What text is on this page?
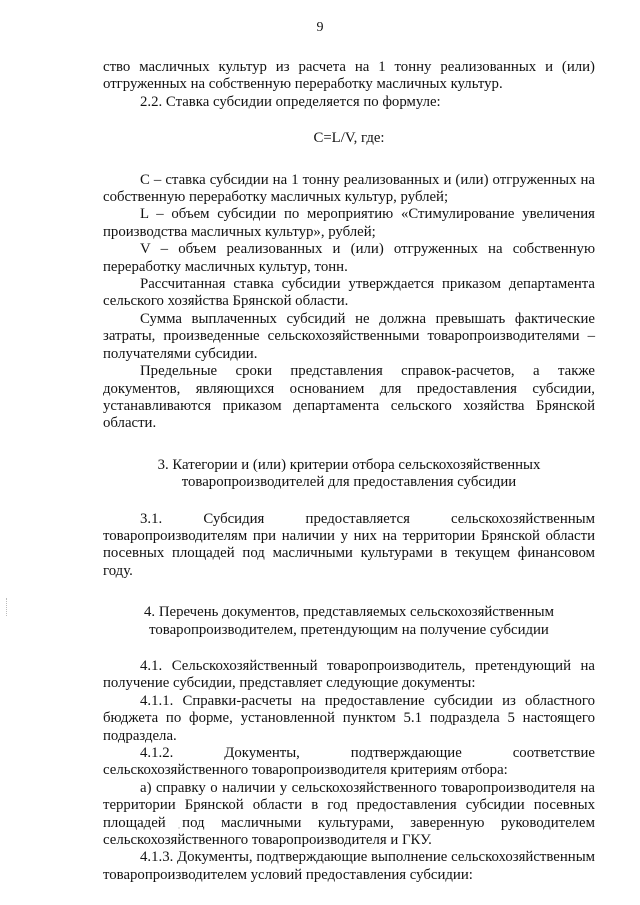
9

ство масличных культур из расчета на 1 тонну реализованных и (или) отгруженных на собственную переработку масличных культур.

2.2. Ставка субсидии определяется по формуле:

C=L/V, где:

С – ставка субсидии на 1 тонну реализованных и (или) отгруженных на собственную переработку масличных культур, рублей;

L – объем субсидии по мероприятию «Стимулирование увеличения производства масличных культур», рублей;

V – объем реализованных и (или) отгруженных на собственную переработку масличных культур, тонн.

Рассчитанная ставка субсидии утверждается приказом департамента сельского хозяйства Брянской области.

Сумма выплаченных субсидий не должна превышать фактические затраты, произведенные сельскохозяйственными товаропроизводителями – получателями субсидии.

Предельные сроки представления справок-расчетов, а также документов, являющихся основанием для предоставления субсидии, устанавливаются приказом департамента сельского хозяйства Брянской области.

3. Категории и (или) критерии отбора сельскохозяйственных

товаропроизводителей для предоставления субсидии

3.1. Субсидия предоставляется сельскохозяйственным товаропроизводителям при наличии у них на территории Брянской области посевных площадей под масличными культурами в текущем финансовом году.

4. Перечень документов, представляемых сельскохозяйственным

товаропроизводителем, претендующим на получение субсидии

4.1. Сельскохозяйственный товаропроизводитель, претендующий на получение субсидии, представляет следующие документы:

4.1.1. Справки-расчеты на предоставление субсидии из областного бюджета по форме, установленной пунктом 5.1 подраздела 5 настоящего подраздела.

4.1.2. Документы, подтверждающие соответствие сельскохозяйственного товаропроизводителя критериям отбора:

а) справку о наличии у сельскохозяйственного товаропроизводителя на территории Брянской области в год предоставления субсидии посевных площадей под масличными культурами, заверенную руководителем сельскохозяйственного товаропроизводителя и ГКУ.

4.1.3. Документы, подтверждающие выполнение сельскохозяйственным товаропроизводителем условий предоставления субсидии:
